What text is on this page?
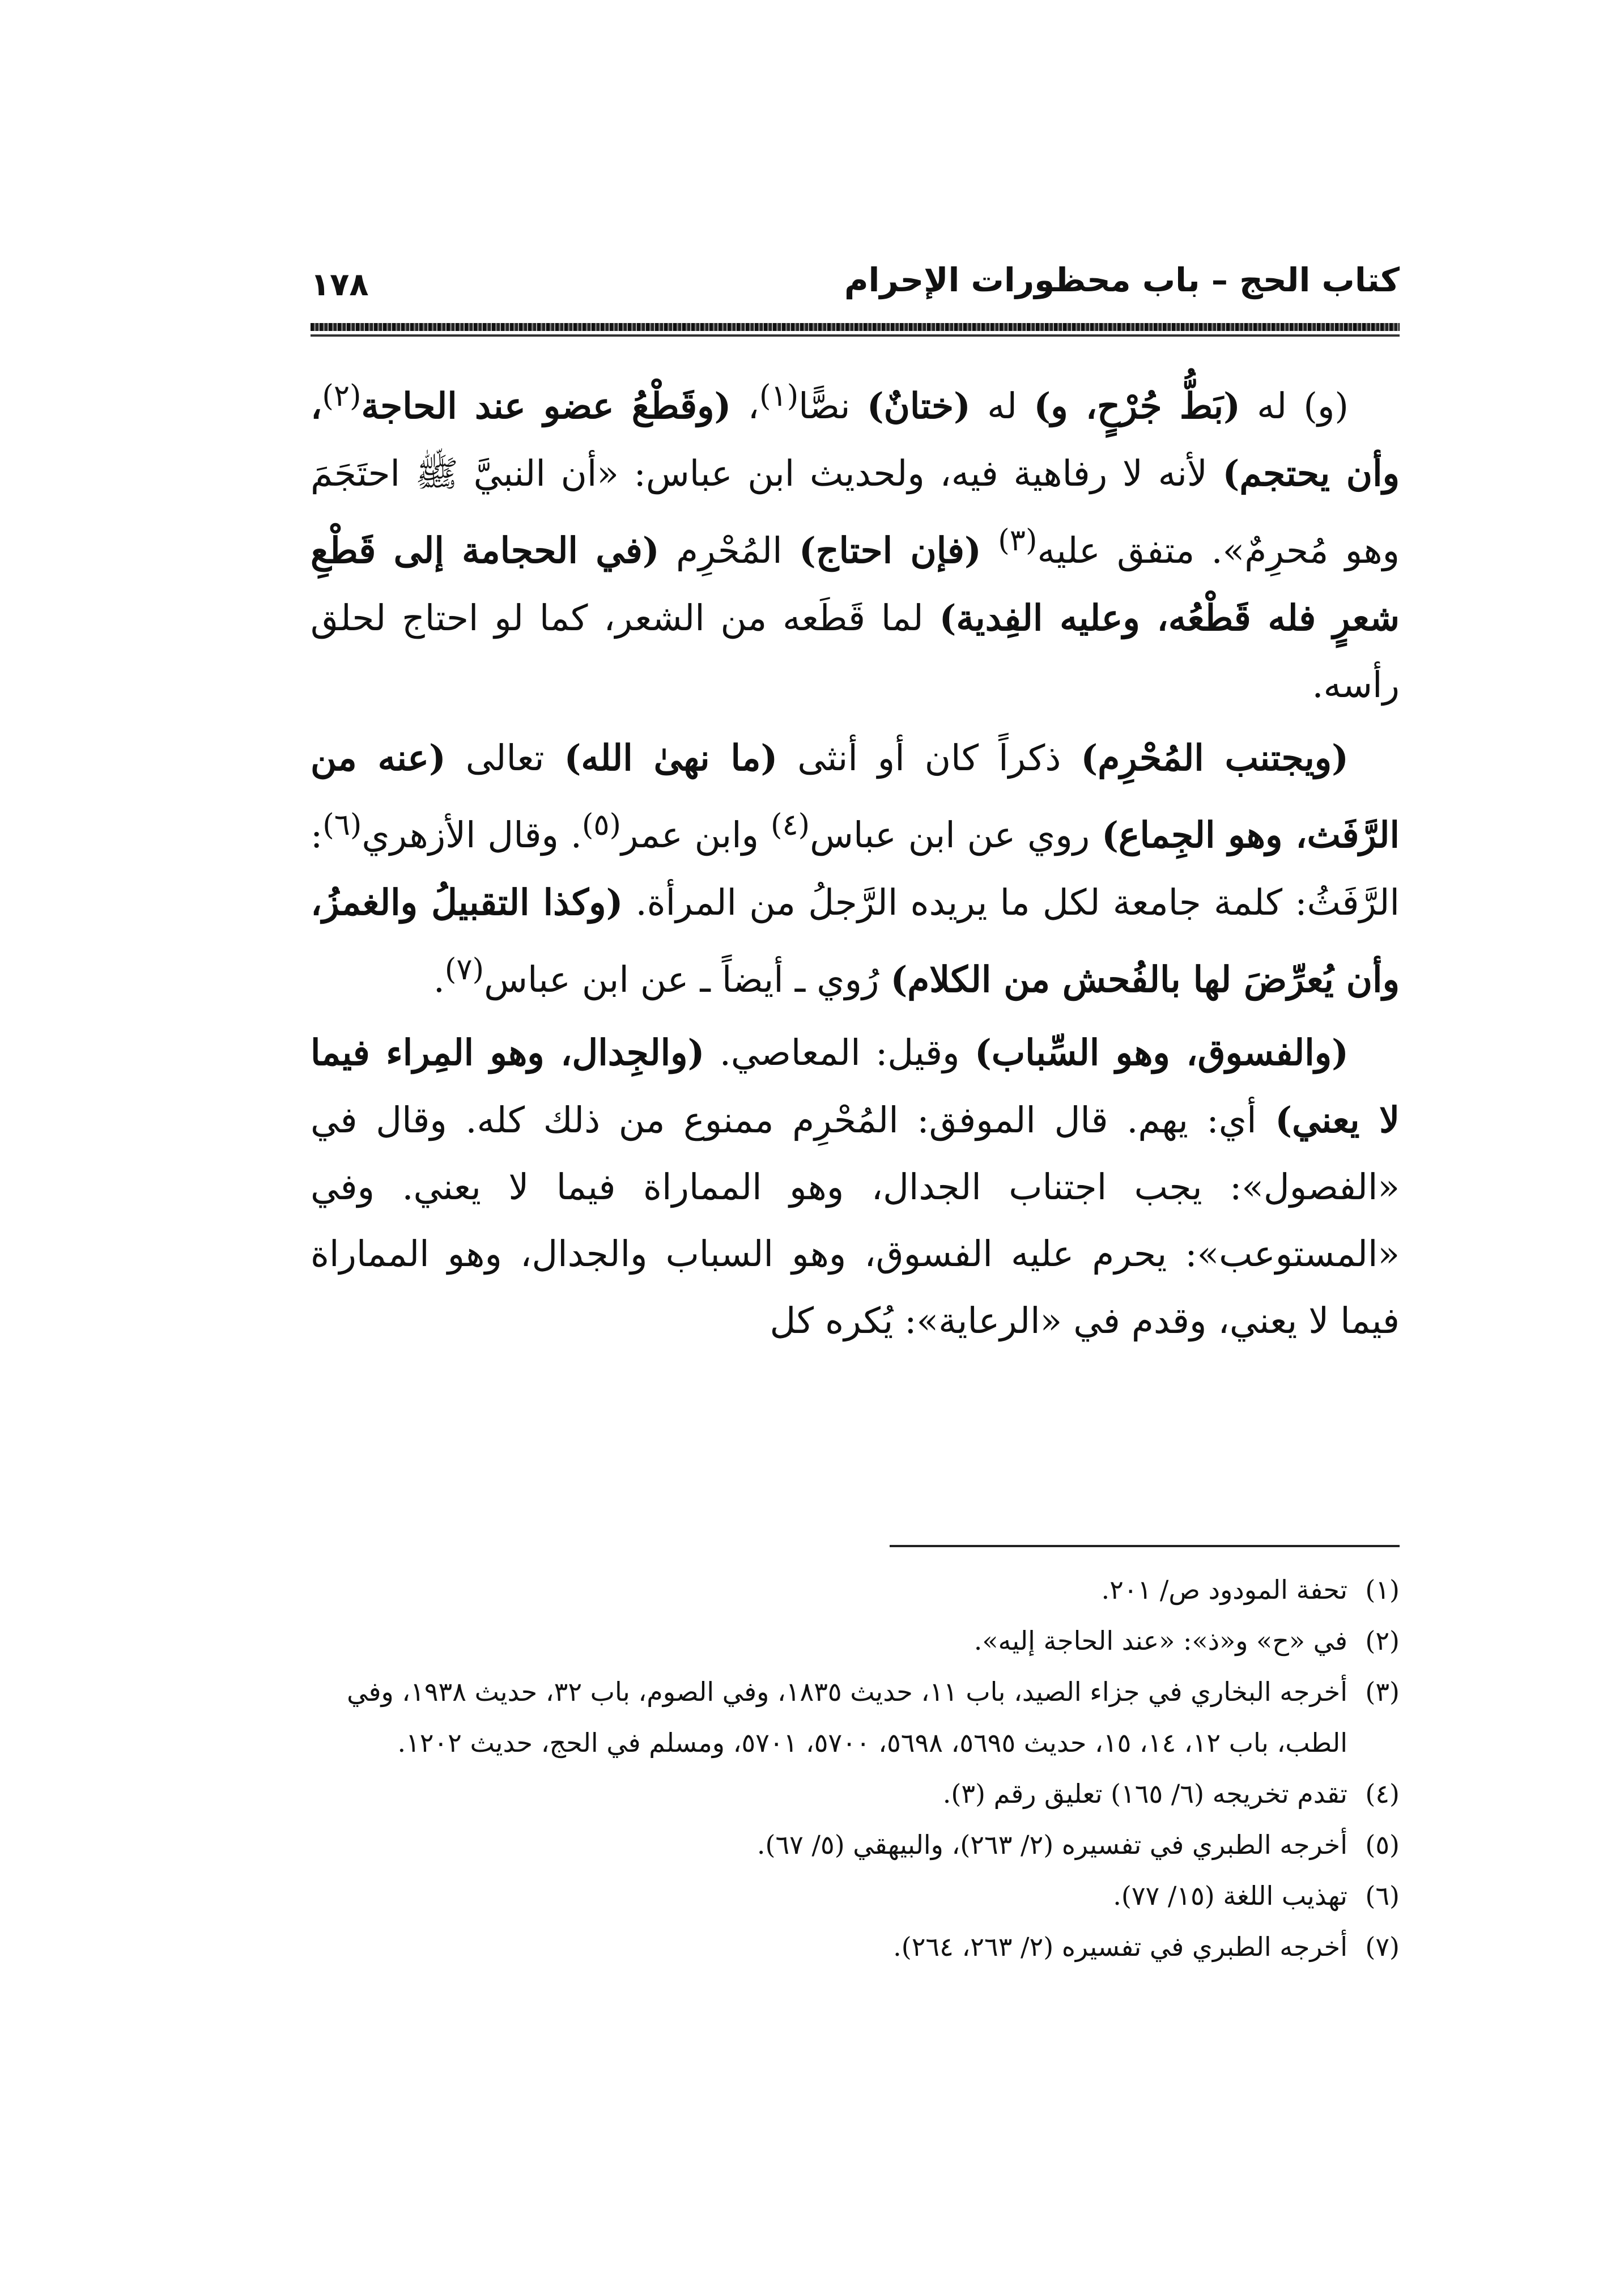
كتاب الحج – باب محظورات الإحرام
١٧٨

(و) له (بَطُّ جُرْحٍ، و) له (ختانٌ) نصًّا$^{(١)}$، (وقَطْعُ عضو عند الحاجة$^{(٢)}$، وأن يحتجم) لأنه لا رفاهية فيه، ولحديث ابن عباس: «أن النبيَّ ﷺ احتَجَمَ وهو مُحرِمٌ». متفق عليه$^{(٣)}$ (فإن احتاج) المُحْرِم (في الحجامة إلى قَطْعِ شعرٍ فله قَطْعُه، وعليه الفِدية) لما قَطَعه من الشعر، كما لو احتاج لحلق رأسه.

(ويجتنب المُحْرِم) ذكراً كان أو أنثى (ما نهىٰ الله) تعالى (عنه من الرَّفَث، وهو الجِماع) روي عن ابن عباس$^{(٤)}$ وابن عمر$^{(٥)}$. وقال الأزهري$^{(٦)}$: الرَّفَثُ: كلمة جامعة لكل ما يريده الرَّجلُ من المرأة. (وكذا التقبيلُ والغمزُ، وأن يُعرِّضَ لها بالفُحش من الكلام) رُوي ـ أيضاً ـ عن ابن عباس$^{(٧)}$.

(والفسوق، وهو السِّباب) وقيل: المعاصي. (والجِدال، وهو المِراء فيما لا يعني) أي: يهم. قال الموفق: المُحْرِم ممنوع من ذلك كله. وقال في «الفصول»: يجب اجتناب الجدال، وهو المماراة فيما لا يعني. وفي «المستوعب»: يحرم عليه الفسوق، وهو السباب والجدال، وهو المماراة فيما لا يعني، وقدم في «الرعاية»: يُكره كل

(١)
تحفة المودود ص/ ٢٠١.
(٢)
في «ح» و«ذ»: «عند الحاجة إليه».
(٣)
أخرجه البخاري في جزاء الصيد، باب ١١، حديث ١٨٣٥، وفي الصوم، باب ٣٢، حديث ١٩٣٨، وفي الطب، باب ١٢، ١٤، ١٥، حديث ٥٦٩٥، ٥٦٩٨، ٥٧٠٠، ٥٧٠١، ومسلم في الحج، حديث ١٢٠٢.
(٤)
تقدم تخريجه (٦/ ١٦٥) تعليق رقم (٣).
(٥)
أخرجه الطبري في تفسيره (٢/ ٢٦٣)، والبيهقي (٥/ ٦٧).
(٦)
تهذيب اللغة (١٥/ ٧٧).
(٧)
أخرجه الطبري في تفسيره (٢/ ٢٦٣، ٢٦٤).
